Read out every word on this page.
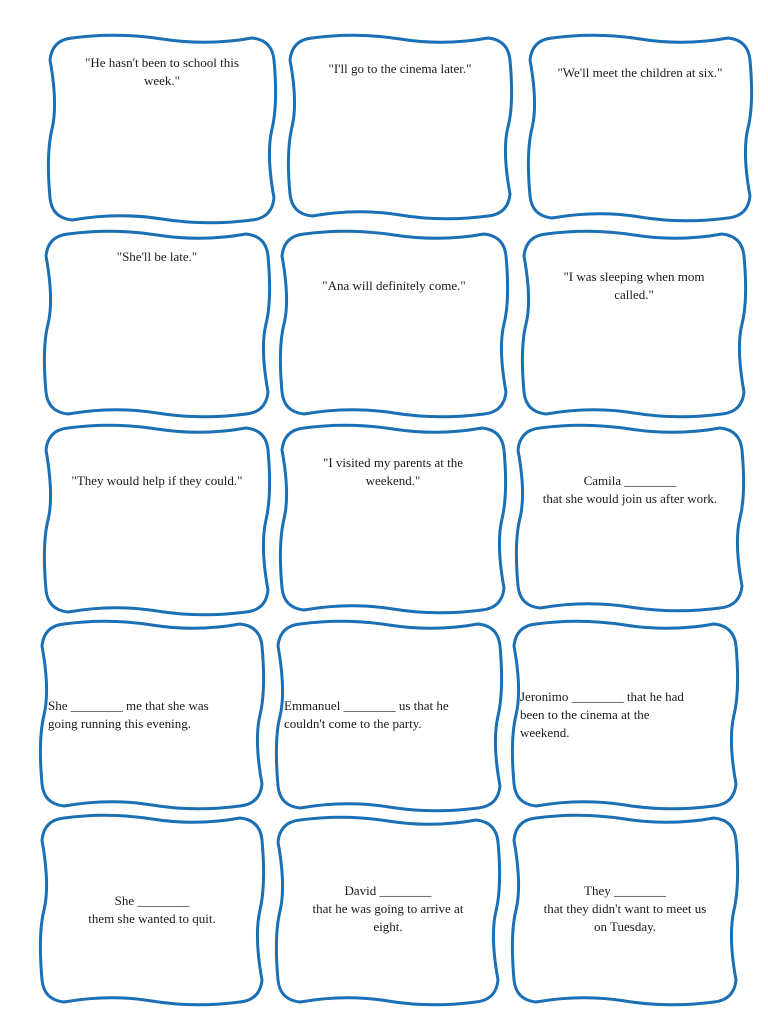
"He hasn't been to school this
week."
"I'll go to the cinema later."	"We'll meet the children at six."
"She'll be late."
"Ana will definitely come."
"I was sleeping when mom
called."
"They would help if they could."
"I visited my parents at the
weekend."	Camila ________
that she would join us after work.
She ________ me that she was
going running this evening.
Emmanuel ________ us that he
couldn't come to the party.
Jeronimo ________ that he had
been to the cinema at the
weekend.
She ________
them she wanted to quit.
David ________
that he was going to arrive at
eight.
They ________
that they didn't want to meet us
on Tuesday.
